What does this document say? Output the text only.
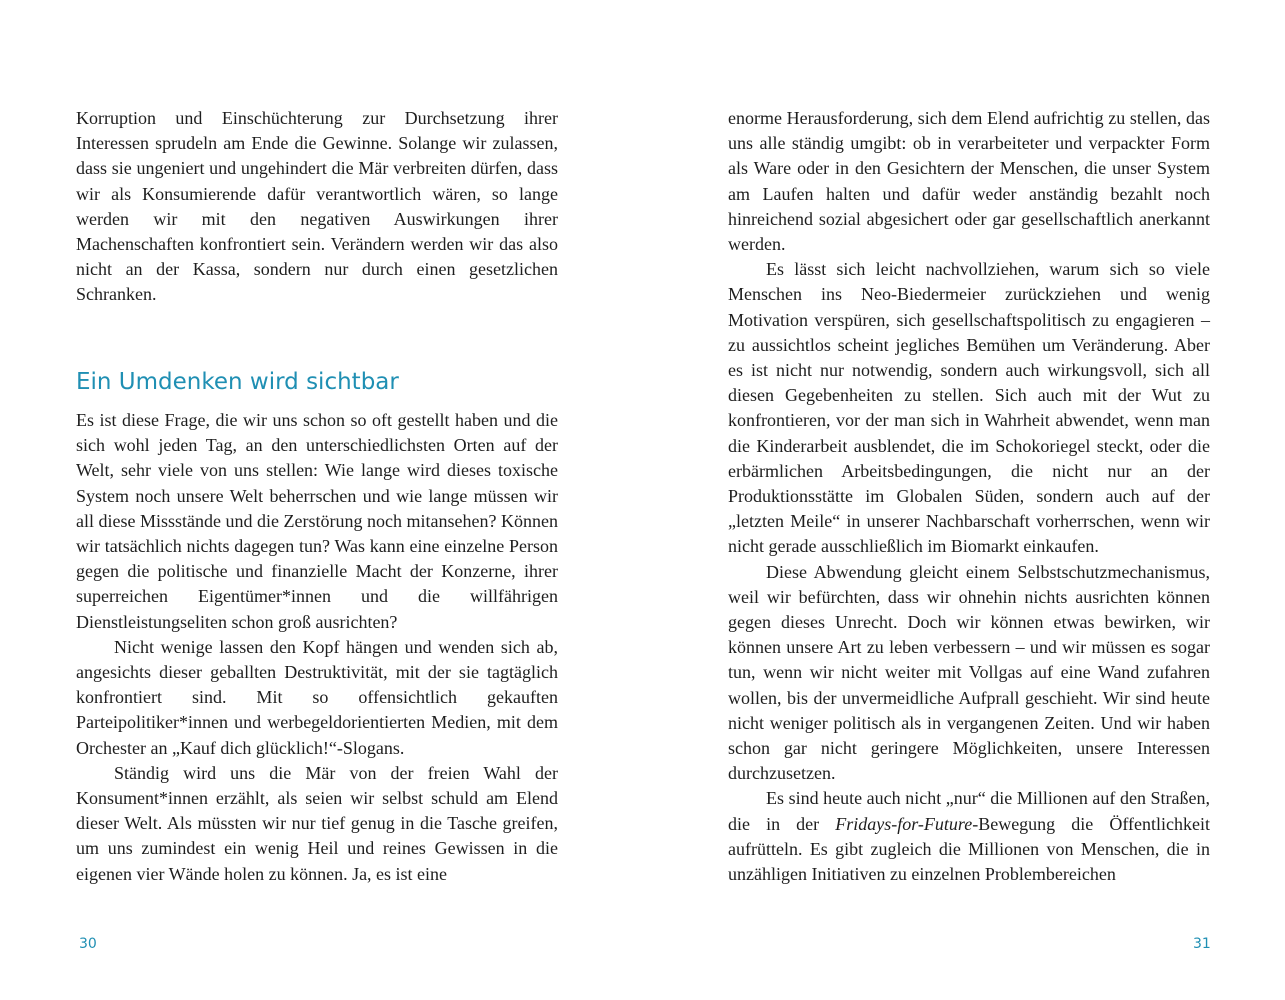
Korruption und Einschüchterung zur Durchsetzung ihrer Interessen sprudeln am Ende die Gewinne. Solange wir zulassen, dass sie ungeniert und ungehindert die Mär verbreiten dürfen, dass wir als Konsumierende dafür verantwortlich wären, so lange werden wir mit den negativen Auswirkungen ihrer Machenschaften konfrontiert sein. Verändern werden wir das also nicht an der Kassa, sondern nur durch einen gesetzlichen Schranken.

Ein Umdenken wird sichtbar

Es ist diese Frage, die wir uns schon so oft gestellt haben und die sich wohl jeden Tag, an den unterschiedlichsten Orten auf der Welt, sehr viele von uns stellen: Wie lange wird dieses toxische System noch unsere Welt beherrschen und wie lange müssen wir all diese Missstände und die Zerstörung noch mitansehen? Können wir tatsächlich nichts dagegen tun? Was kann eine einzelne Person gegen die politische und finanzielle Macht der Konzerne, ihrer superreichen Eigentümer*innen und die willfährigen Dienstleistungseliten schon groß ausrichten?

Nicht wenige lassen den Kopf hängen und wenden sich ab, angesichts dieser geballten Destruktivität, mit der sie tagtäglich konfrontiert sind. Mit so offensichtlich gekauften Parteipolitiker*innen und werbegeldorientierten Medien, mit dem Orchester an „Kauf dich glücklich!“-Slogans.

Ständig wird uns die Mär von der freien Wahl der Konsument*innen erzählt, als seien wir selbst schuld am Elend dieser Welt. Als müssten wir nur tief genug in die Tasche greifen, um uns zumindest ein wenig Heil und reines Gewissen in die eigenen vier Wände holen zu können. Ja, es ist eine

enorme Herausforderung, sich dem Elend aufrichtig zu stellen, das uns alle ständig umgibt: ob in verarbeiteter und verpackter Form als Ware oder in den Gesichtern der Menschen, die unser System am Laufen halten und dafür weder anständig bezahlt noch hinreichend sozial abgesichert oder gar gesellschaftlich anerkannt werden.

Es lässt sich leicht nachvollziehen, warum sich so viele Menschen ins Neo-Biedermeier zurückziehen und wenig Motivation verspüren, sich gesellschaftspolitisch zu engagieren – zu aussichtlos scheint jegliches Bemühen um Veränderung. Aber es ist nicht nur notwendig, sondern auch wirkungsvoll, sich all diesen Gegebenheiten zu stellen. Sich auch mit der Wut zu konfrontieren, vor der man sich in Wahrheit abwendet, wenn man die Kinderarbeit ausblendet, die im Schokoriegel steckt, oder die erbärmlichen Arbeitsbedingungen, die nicht nur an der Produktionsstätte im Globalen Süden, sondern auch auf der „letzten Meile“ in unserer Nachbarschaft vorherrschen, wenn wir nicht gerade ausschließlich im Biomarkt einkaufen.

Diese Abwendung gleicht einem Selbstschutzmechanismus, weil wir befürchten, dass wir ohnehin nichts ausrichten können gegen dieses Unrecht. Doch wir können etwas bewirken, wir können unsere Art zu leben verbessern – und wir müssen es sogar tun, wenn wir nicht weiter mit Vollgas auf eine Wand zufahren wollen, bis der unvermeidliche Aufprall geschieht. Wir sind heute nicht weniger politisch als in vergangenen Zeiten. Und wir haben schon gar nicht geringere Möglichkeiten, unsere Interessen durchzusetzen.

Es sind heute auch nicht „nur“ die Millionen auf den Straßen, die in der Fridays-for-Future-Bewegung die Öffentlichkeit aufrütteln. Es gibt zugleich die Millionen von Menschen, die in unzähligen Initiativen zu einzelnen Problembereichen

30	31
